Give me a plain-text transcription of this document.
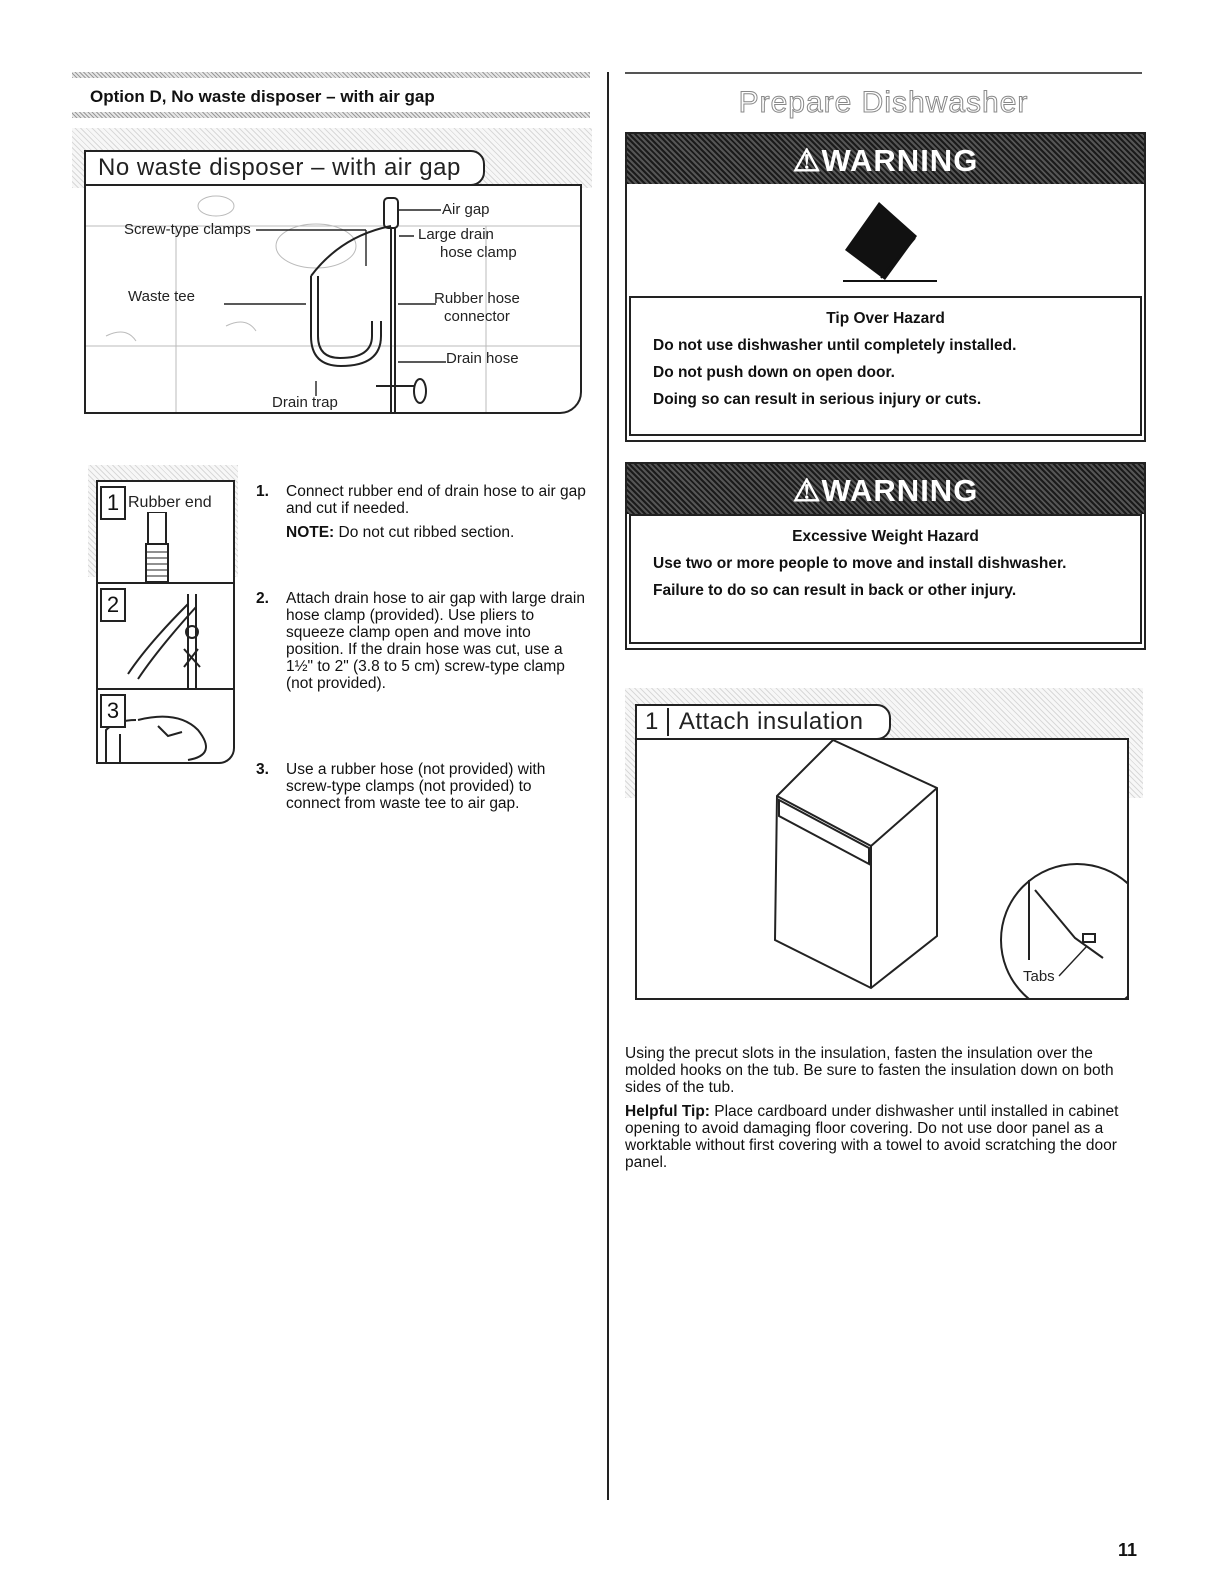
Option D, No waste disposer – with air gap
Air gap
Screw-type clamps	Large drain
hose clamp
Waste tee	Rubber hose
connector
Drain hose
Drain trap
No waste disposer – with air gap
1 Rubber end
2
3
1. Connect rubber end of drain hose to air gap and cut if needed.

NOTE: Do not cut ribbed section.

2. Attach drain hose to air gap with large drain hose clamp (provided). Use pliers to squeeze clamp open and move into position. If the drain hose was cut, use a 1½" to 2" (3.8 to 5 cm) screw-type clamp (not provided).

3. Use a rubber hose (not provided) with screw-type clamps (not provided) to connect from waste tee to air gap.

Prepare Dishwasher
⚠WARNING
Tip Over Hazard
Do not use dishwasher until completely installed.
Do not push down on open door.
Doing so can result in serious injury or cuts.
⚠WARNING
Excessive Weight Hazard
Use two or more people to move and install dishwasher.
Failure to do so can result in back or other injury.
Tabs
1 Attach insulation

Using the precut slots in the insulation, fasten the insulation over the molded hooks on the tub. Be sure to fasten the insulation down on both sides of the tub.

Helpful Tip: Place cardboard under dishwasher until installed in cabinet opening to avoid damaging floor covering. Do not use door panel as a worktable without first covering with a towel to avoid scratching the door panel.

11
